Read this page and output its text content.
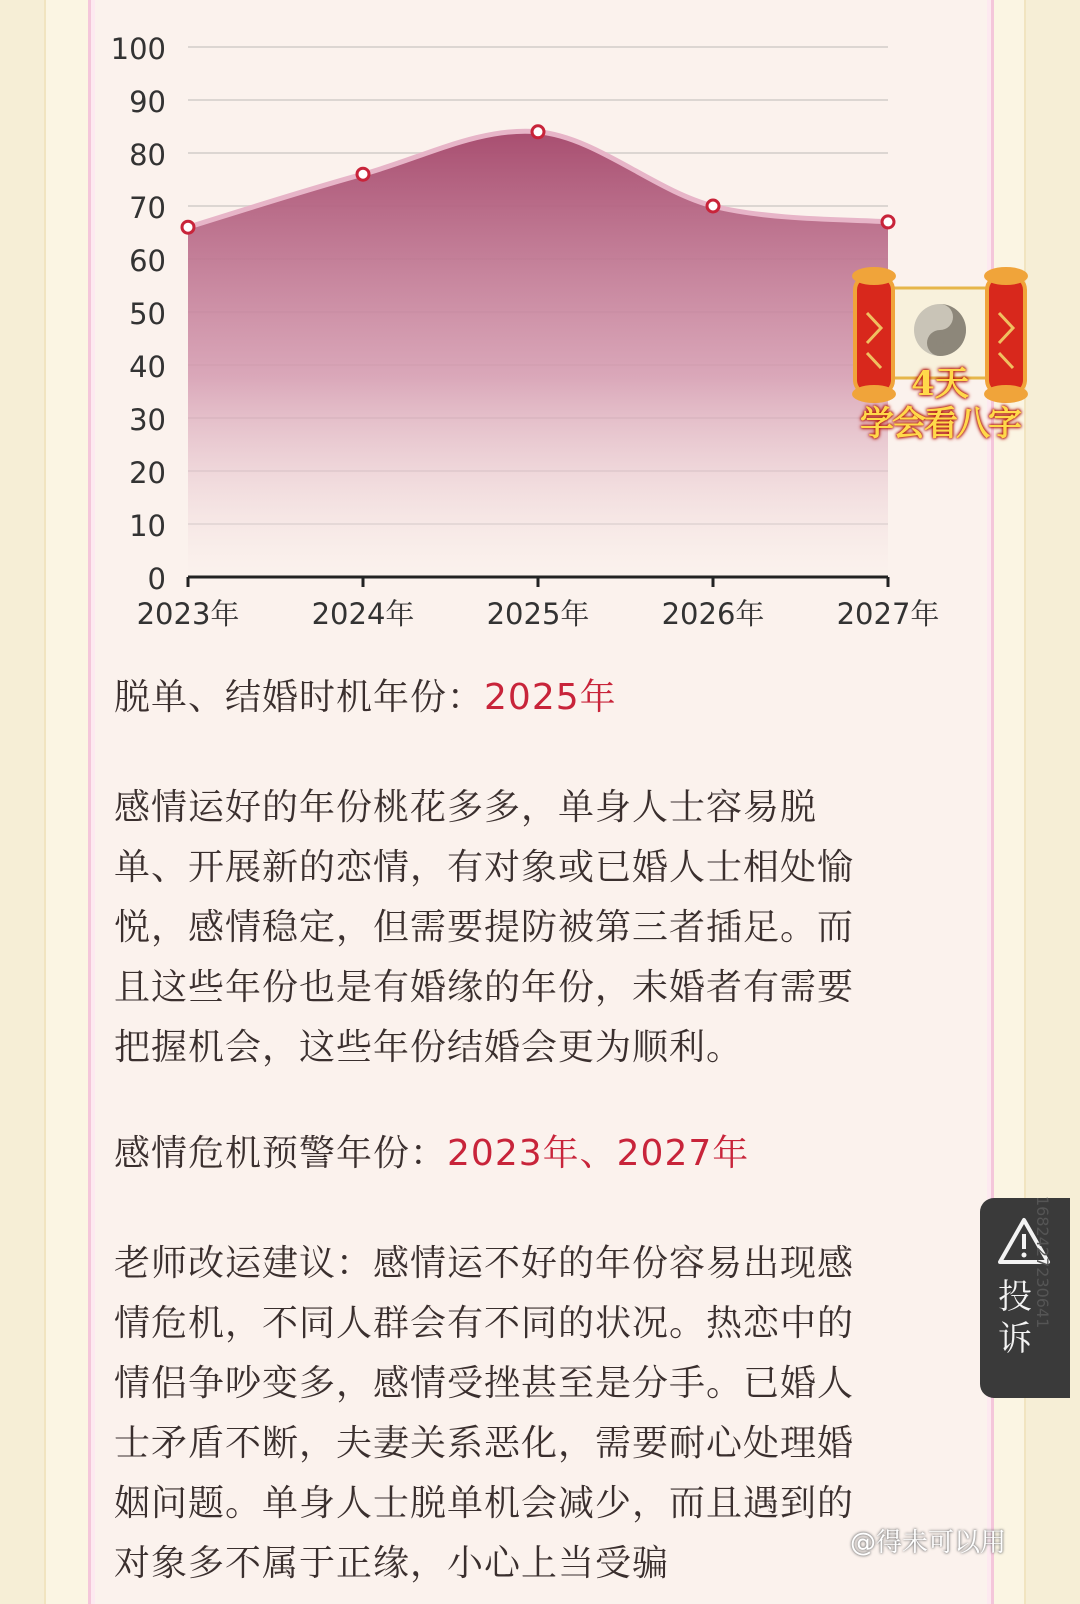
0
10
20
30
40
50
60
70
80
90
100
2023年 2024年 2025年 2026年 2027年
4天
学会看八字
脱单、结婚时机年份：2025年
感情运好的年份桃花多多，单身人士容易脱
单、开展新的恋情，有对象或已婚人士相处愉
悦，感情稳定，但需要提防被第三者插足。而
且这些年份也是有婚缘的年份，未婚者有需要
把握机会，这些年份结婚会更为顺利。
感情危机预警年份：2023年、2027年
老师改运建议：感情运不好的年份容易出现感
情危机，不同人群会有不同的状况。热恋中的
情侣争吵变多，感情受挫甚至是分手。已婚人
士矛盾不断，夫妻关系恶化，需要耐心处理婚
姻问题。单身人士脱单机会减少，而且遇到的
对象多不属于正缘，小心上当受骗
投诉
1682427230641
@得未可以用
